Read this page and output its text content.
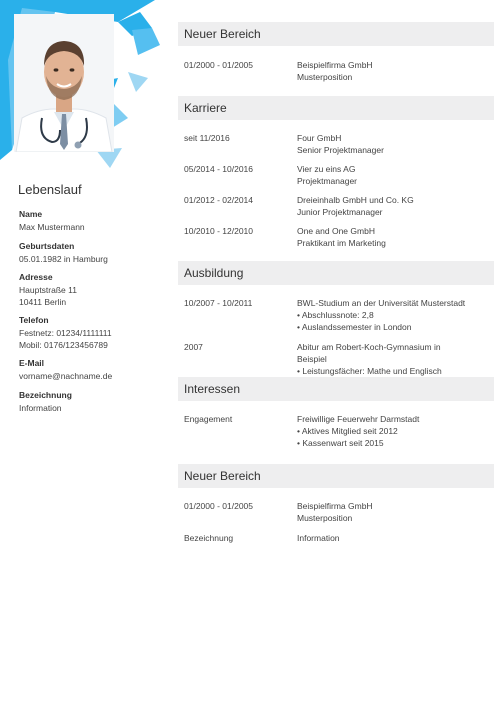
Lebenslauf
Name
Max Mustermann
Geburtsdaten
05.01.1982 in Hamburg
Adresse
Hauptstraße 11
10411 Berlin
Telefon
Festnetz: 01234/1111111
Mobil: 0176/123456789
E-Mail
vorname@nachname.de
Bezeichnung
Information
Neuer Bereich
01/2000 - 01/2005	Beispielfirma GmbH
Musterposition
Karriere
seit 11/2016	Four GmbH
Senior Projektmanager
05/2014 - 10/2016	Vier zu eins AG
Projektmanager
01/2012 - 02/2014	Dreieinhalb GmbH und Co. KG
Junior Projektmanager
10/2010 - 12/2010	One and One GmbH
Praktikant im Marketing
Ausbildung
10/2007 - 10/2011	BWL-Studium an der Universität Musterstadt
• Abschlussnote: 2,8
• Auslandssemester in London
2007	Abitur am Robert-Koch-Gymnasium in
Beispiel
• Leistungsfächer: Mathe und Englisch
Interessen
Engagement	Freiwillige Feuerwehr Darmstadt
• Aktives Mitglied seit 2012
• Kassenwart seit 2015
Neuer Bereich
01/2000 - 01/2005	Beispielfirma GmbH
Musterposition
Bezeichnung	Information
